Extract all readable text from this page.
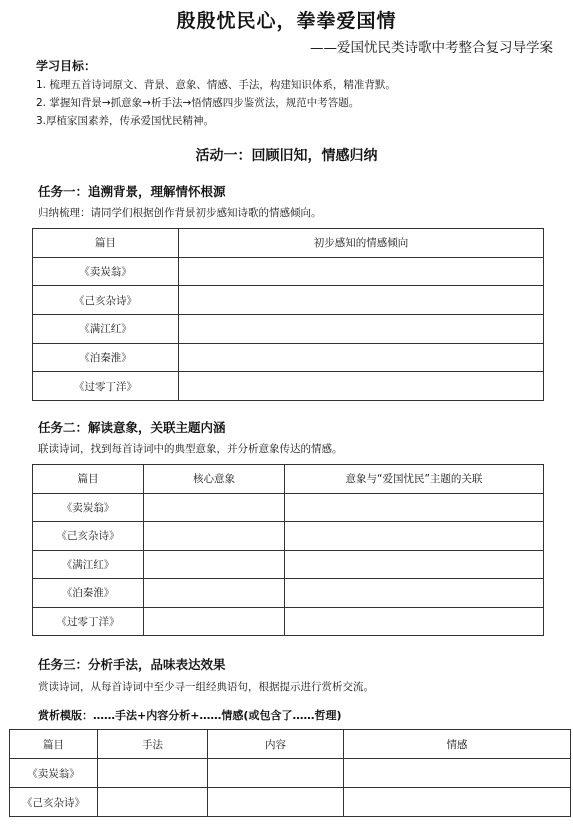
殷殷忧民心，拳拳爱国情
——爱国忧民类诗歌中考整合复习导学案
学习目标：
1. 梳理五首诗词原文、背景、意象、情感、手法，构建知识体系，精准背默。
2. 掌握知背景→抓意象→析手法→悟情感四步鉴赏法，规范中考答题。
3.厚植家国素养，传承爱国忧民精神。
活动一：回顾旧知，情感归纳
任务一：追溯背景，理解情怀根源
归纳梳理：请同学们根据创作背景初步感知诗歌的情感倾向。
篇目	初步感知的情感倾向
《卖炭翁》	
《己亥杂诗》	
《满江红》	
《泊秦淮》	
《过零丁洋》	
任务二：解读意象，关联主题内涵
联读诗词，找到每首诗词中的典型意象，并分析意象传达的情感。
篇目	核心意象	意象与“爱国忧民”主题的关联
《卖炭翁》		
《己亥杂诗》		
《满江红》		
《泊秦淮》		
《过零丁洋》		
任务三：分析手法，品味表达效果
赏读诗词，从每首诗词中至少寻一组经典语句，根据提示进行赏析交流。
赏析模版：……手法+内容分析+……情感(或包含了……哲理)
篇目	手法	内容	情感
《卖炭翁》			
《己亥杂诗》			
